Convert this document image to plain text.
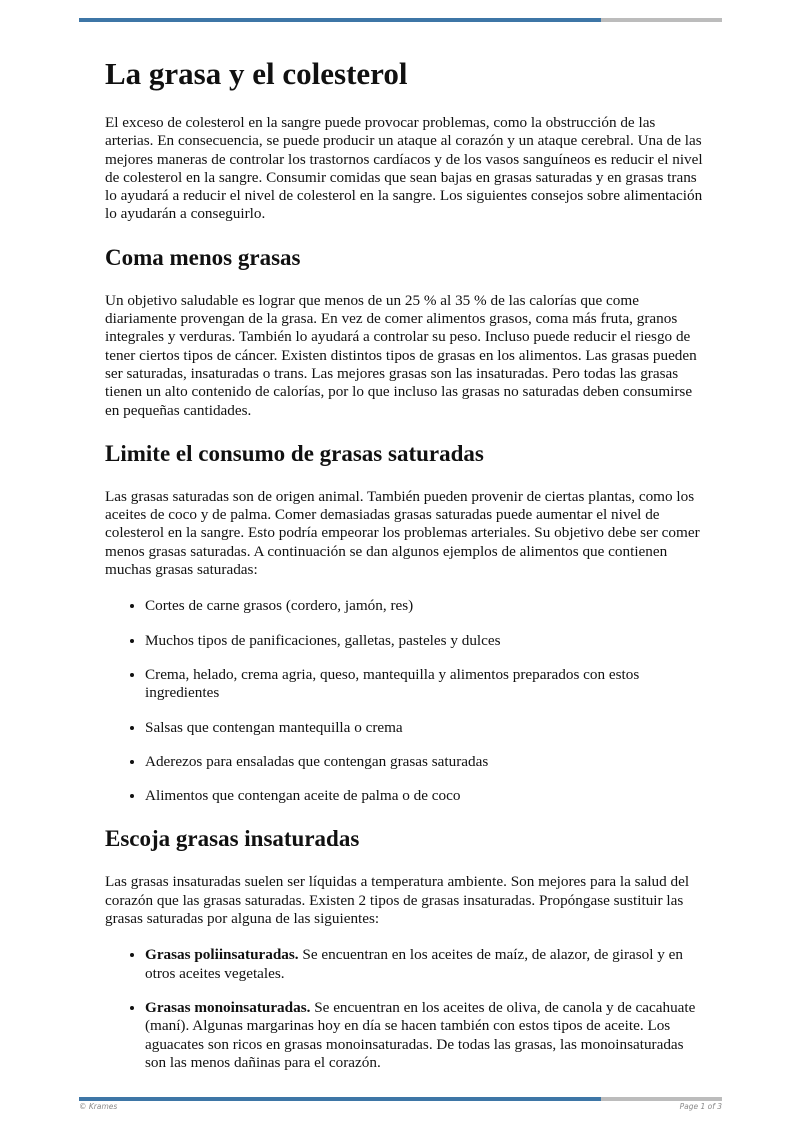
La grasa y el colesterol

El exceso de colesterol en la sangre puede provocar problemas, como la obstrucción de las arterias. En consecuencia, se puede producir un ataque al corazón y un ataque cerebral. Una de las mejores maneras de controlar los trastornos cardíacos y de los vasos sanguíneos es reducir el nivel de colesterol en la sangre. Consumir comidas que sean bajas en grasas saturadas y en grasas trans lo ayudará a reducir el nivel de colesterol en la sangre. Los siguientes consejos sobre alimentación lo ayudarán a conseguirlo.

Coma menos grasas

Un objetivo saludable es lograr que menos de un 25 % al 35 % de las calorías que come diariamente provengan de la grasa. En vez de comer alimentos grasos, coma más fruta, granos integrales y verduras. También lo ayudará a controlar su peso. Incluso puede reducir el riesgo de tener ciertos tipos de cáncer. Existen distintos tipos de grasas en los alimentos. Las grasas pueden ser saturadas, insaturadas o trans. Las mejores grasas son las insaturadas. Pero todas las grasas tienen un alto contenido de calorías, por lo que incluso las grasas no saturadas deben consumirse en pequeñas cantidades.

Limite el consumo de grasas saturadas

Las grasas saturadas son de origen animal. También pueden provenir de ciertas plantas, como los aceites de coco y de palma. Comer demasiadas grasas saturadas puede aumentar el nivel de colesterol en la sangre. Esto podría empeorar los problemas arteriales. Su objetivo debe ser comer menos grasas saturadas. A continuación se dan algunos ejemplos de alimentos que contienen muchas grasas saturadas:

• Cortes de carne grasos (cordero, jamón, res)
• Muchos tipos de panificaciones, galletas, pasteles y dulces
• Crema, helado, crema agria, queso, mantequilla y alimentos preparados con estos ingredientes
• Salsas que contengan mantequilla o crema
• Aderezos para ensaladas que contengan grasas saturadas
• Alimentos que contengan aceite de palma o de coco
Escoja grasas insaturadas

Las grasas insaturadas suelen ser líquidas a temperatura ambiente. Son mejores para la salud del corazón que las grasas saturadas. Existen 2 tipos de grasas insaturadas. Propóngase sustituir las grasas saturadas por alguna de las siguientes:

• Grasas poliinsaturadas. Se encuentran en los aceites de maíz, de alazor, de girasol y en otros aceites vegetales.
• Grasas monoinsaturadas. Se encuentran en los aceites de oliva, de canola y de cacahuate (maní). Algunas margarinas hoy en día se hacen también con estos tipos de aceite. Los aguacates son ricos en grasas monoinsaturadas. De todas las grasas, las monoinsaturadas son las menos dañinas para el corazón.
© Krames	Page 1 of 3
